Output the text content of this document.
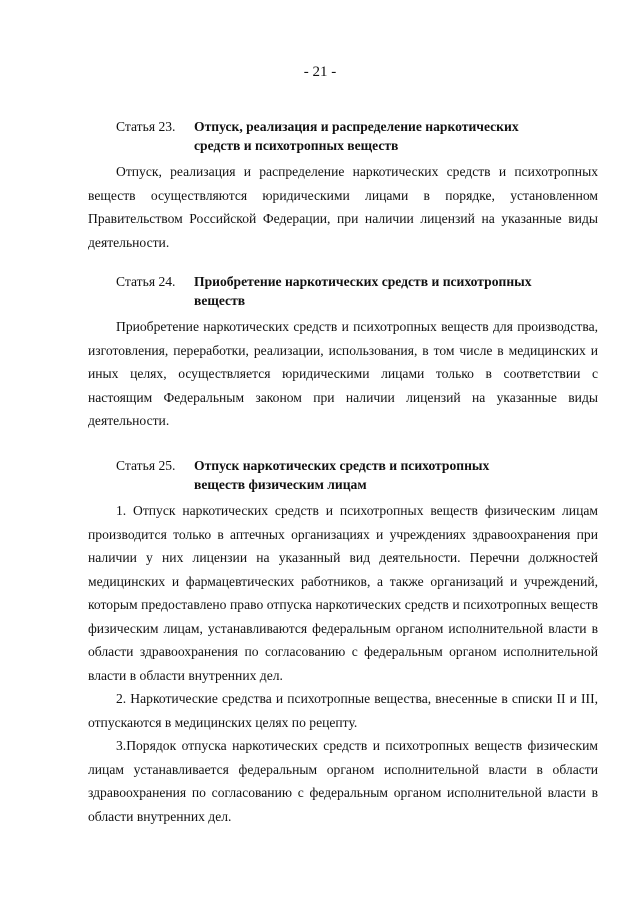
- 21 -
Статья 23.	Отпуск, реализация и распределение наркотических средств и психотропных веществ

Отпуск, реализация и распределение наркотических средств и психотропных веществ осуществляются юридическими лицами в порядке, установленном Правительством Российской Федерации, при наличии лицензий на указанные виды деятельности.

Статья 24.	Приобретение наркотических средств и психотропных веществ

Приобретение наркотических средств и психотропных веществ для производства, изготовления, переработки, реализации, использования, в том числе в медицинских и иных целях, осуществляется юридическими лицами только в соответствии с настоящим Федеральным законом при наличии лицензий на указанные виды деятельности.

Статья 25.	Отпуск наркотических средств и психотропных веществ физическим лицам

1. Отпуск наркотических средств и психотропных веществ физическим лицам производится только в аптечных организациях и учреждениях здравоохранения при наличии у них лицензии на указанный вид деятельности. Перечни должностей медицинских и фармацевтических работников, а также организаций и учреждений, которым предоставлено право отпуска наркотических средств и психотропных веществ физическим лицам, устанавливаются федеральным органом исполнительной власти в области здравоохранения по согласованию с федеральным органом исполнительной власти в области внутренних дел.

2. Наркотические средства и психотропные вещества, внесенные в списки II и III, отпускаются в медицинских целях по рецепту.

3.Порядок отпуска наркотических средств и психотропных веществ физическим лицам устанавливается федеральным органом исполнительной власти в области здравоохранения по согласованию с федеральным органом исполнительной власти в области внутренних дел.
